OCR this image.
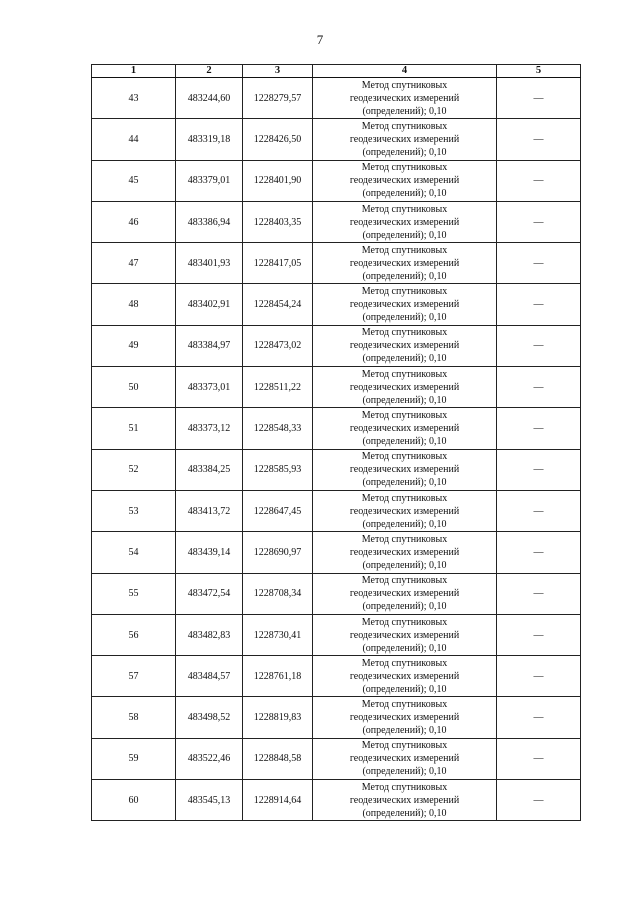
7
1	2	3	4	5
43	483244,60	1228279,57	Метод спутниковых
геодезических измерений
(определений); 0,10	—
44	483319,18	1228426,50	Метод спутниковых
геодезических измерений
(определений); 0,10	—
45	483379,01	1228401,90	Метод спутниковых
геодезических измерений
(определений); 0,10	—
46	483386,94	1228403,35	Метод спутниковых
геодезических измерений
(определений); 0,10	—
47	483401,93	1228417,05	Метод спутниковых
геодезических измерений
(определений); 0,10	—
48	483402,91	1228454,24	Метод спутниковых
геодезических измерений
(определений); 0,10	—
49	483384,97	1228473,02	Метод спутниковых
геодезических измерений
(определений); 0,10	—
50	483373,01	1228511,22	Метод спутниковых
геодезических измерений
(определений); 0,10	—
51	483373,12	1228548,33	Метод спутниковых
геодезических измерений
(определений); 0,10	—
52	483384,25	1228585,93	Метод спутниковых
геодезических измерений
(определений); 0,10	—
53	483413,72	1228647,45	Метод спутниковых
геодезических измерений
(определений); 0,10	—
54	483439,14	1228690,97	Метод спутниковых
геодезических измерений
(определений); 0,10	—
55	483472,54	1228708,34	Метод спутниковых
геодезических измерений
(определений); 0,10	—
56	483482,83	1228730,41	Метод спутниковых
геодезических измерений
(определений); 0,10	—
57	483484,57	1228761,18	Метод спутниковых
геодезических измерений
(определений); 0,10	—
58	483498,52	1228819,83	Метод спутниковых
геодезических измерений
(определений); 0,10	—
59	483522,46	1228848,58	Метод спутниковых
геодезических измерений
(определений); 0,10	—
60	483545,13	1228914,64	Метод спутниковых
геодезических измерений
(определений); 0,10	—
